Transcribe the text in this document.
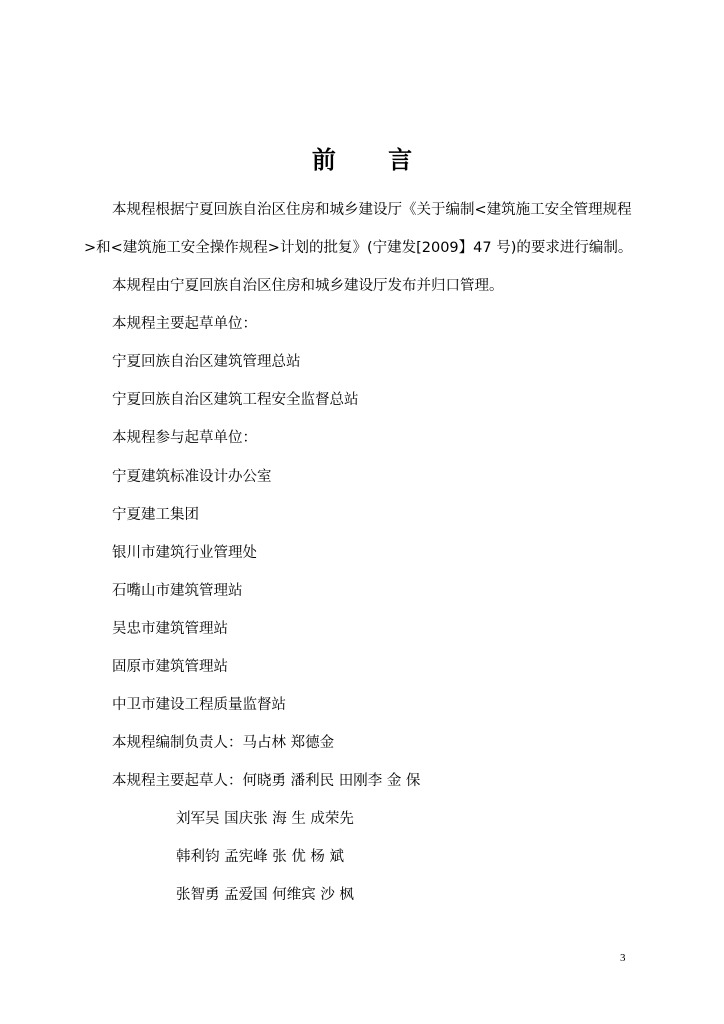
前 言
本规程根据宁夏回族自治区住房和城乡建设厅《关于编制<建筑施工安全管理规程
>和<建筑施工安全操作规程>计划的批复》(宁建发[2009】47 号)的要求进行编制。
本规程由宁夏回族自治区住房和城乡建设厅发布并归口管理。
本规程主要起草单位：
宁夏回族自治区建筑管理总站
宁夏回族自治区建筑工程安全监督总站
本规程参与起草单位：
宁夏建筑标准设计办公室
宁夏建工集团
银川市建筑行业管理处
石嘴山市建筑管理站
吴忠市建筑管理站
固原市建筑管理站
中卫市建设工程质量监督站
本规程编制负责人：马占林 郑德金
本规程主要起草人：何晓勇 潘利民 田刚李 金 保
刘军吴 国庆张 海 生 成荣先
韩利钧 孟宪峰 张 优 杨 斌
张智勇 孟爱国 何维宾 沙 枫
3
